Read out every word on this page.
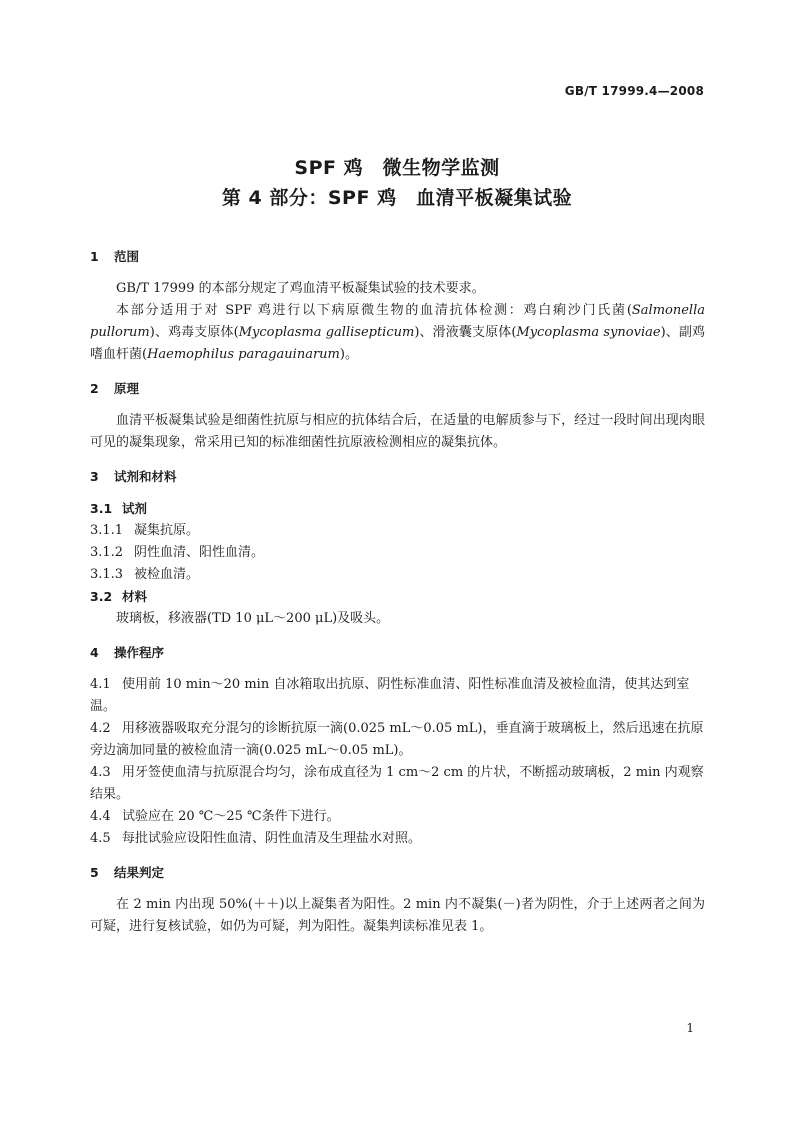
GB/T 17999.4—2008
SPF 鸡　微生物学监测
第 4 部分：SPF 鸡　血清平板凝集试验
1 范围

GB/T 17999 的本部分规定了鸡血清平板凝集试验的技术要求。

本部分适用于对 SPF 鸡进行以下病原微生物的血清抗体检测：鸡白痢沙门氏菌(Salmonella pullorum)、鸡毒支原体(Mycoplasma gallisepticum)、滑液囊支原体(Mycoplasma synoviae)、副鸡嗜血杆菌(Haemophilus paragauinarum)。

2 原理

血清平板凝集试验是细菌性抗原与相应的抗体结合后，在适量的电解质参与下，经过一段时间出现肉眼可见的凝集现象，常采用已知的标准细菌性抗原液检测相应的凝集抗体。

3 试剂和材料
3.1 试剂

3.1.1 凝集抗原。

3.1.2 阴性血清、阳性血清。

3.1.3 被检血清。

3.2 材料

玻璃板，移液器(TD 10 μL～200 μL)及吸头。

4 操作程序

4.1 使用前 10 min～20 min 自冰箱取出抗原、阴性标准血清、阳性标准血清及被检血清，使其达到室温。

4.2 用移液器吸取充分混匀的诊断抗原一滴(0.025 mL～0.05 mL)，垂直滴于玻璃板上，然后迅速在抗原旁边滴加同量的被检血清一滴(0.025 mL～0.05 mL)。

4.3 用牙签使血清与抗原混合均匀，涂布成直径为 1 cm～2 cm 的片状，不断摇动玻璃板，2 min 内观察结果。

4.4 试验应在 20 ℃～25 ℃条件下进行。

4.5 每批试验应设阳性血清、阴性血清及生理盐水对照。

5 结果判定

在 2 min 内出现 50%(＋＋)以上凝集者为阳性。2 min 内不凝集(－)者为阴性，介于上述两者之间为可疑，进行复核试验，如仍为可疑，判为阳性。凝集判读标准见表 1。

1
